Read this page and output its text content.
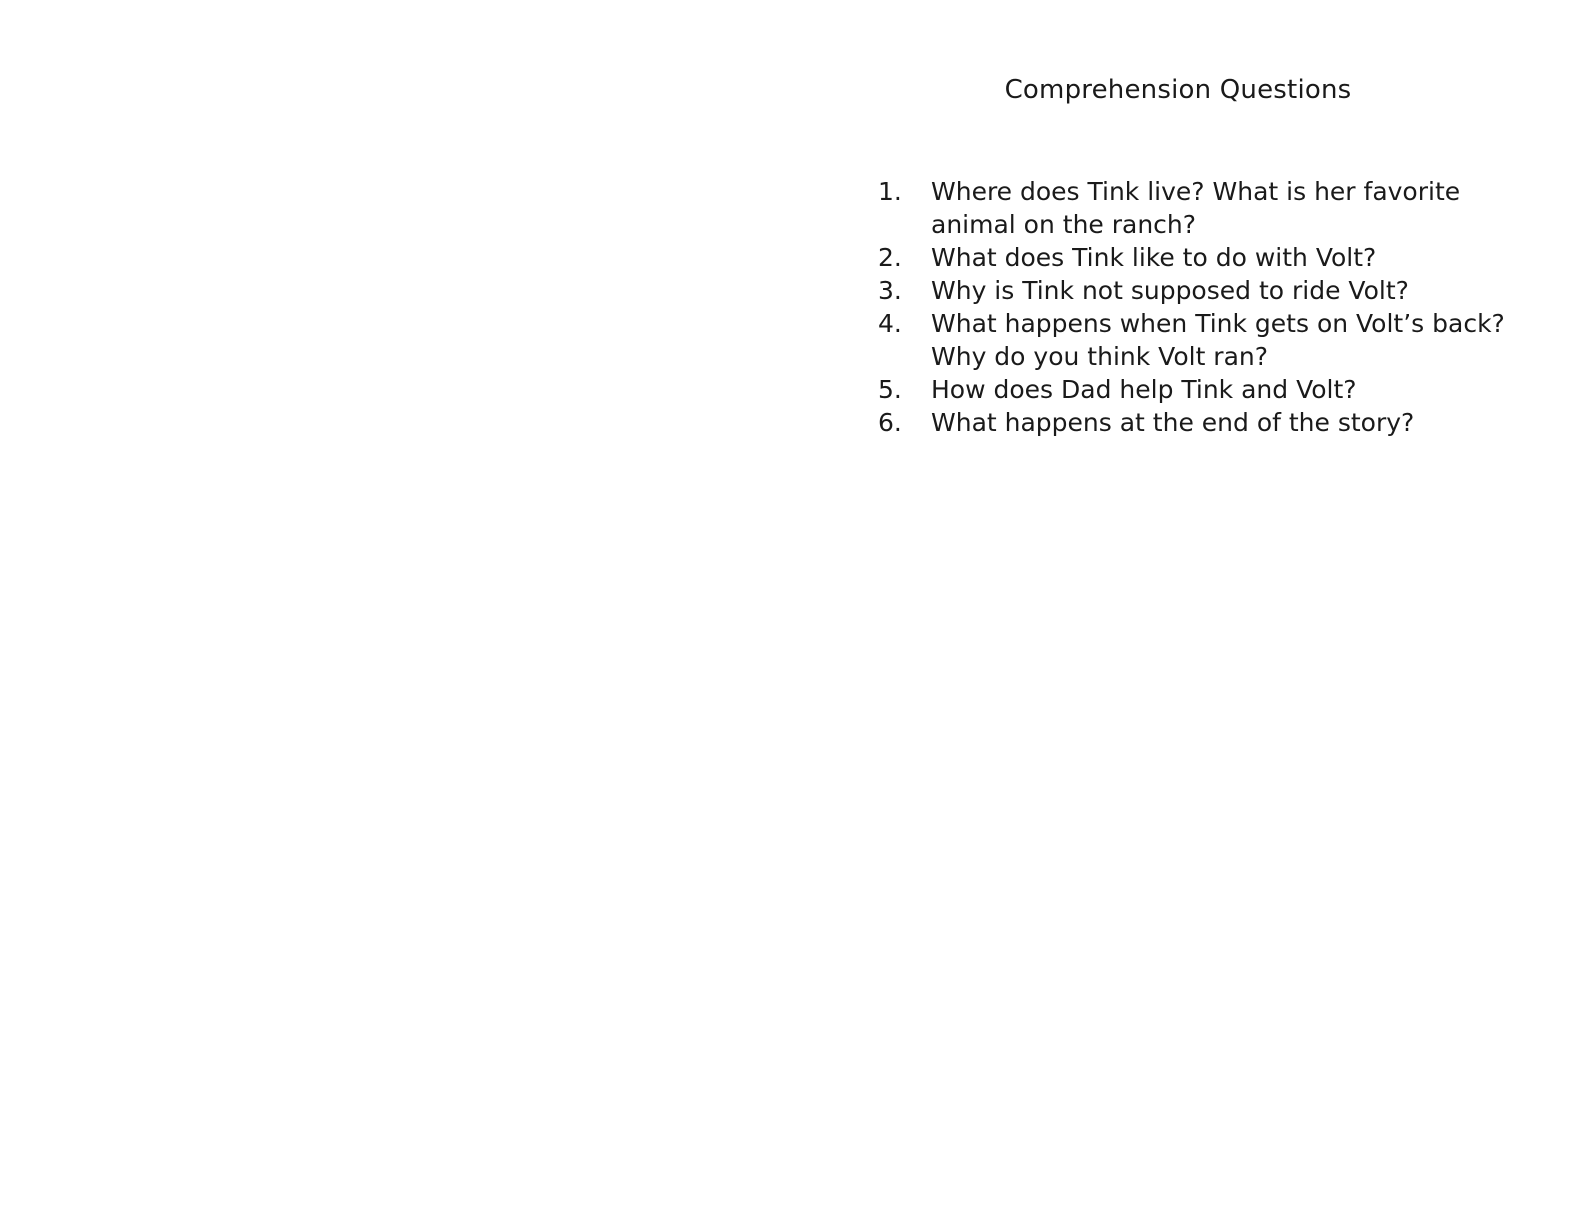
Comprehension Questions
1.	Where does Tink live? What is her favorite animal on the ranch?
2.	What does Tink like to do with Volt?
3.	Why is Tink not supposed to ride Volt?
4.	What happens when Tink gets on Volt’s back? Why do you think Volt ran?
5.	How does Dad help Tink and Volt?
6.	What happens at the end of the story?
